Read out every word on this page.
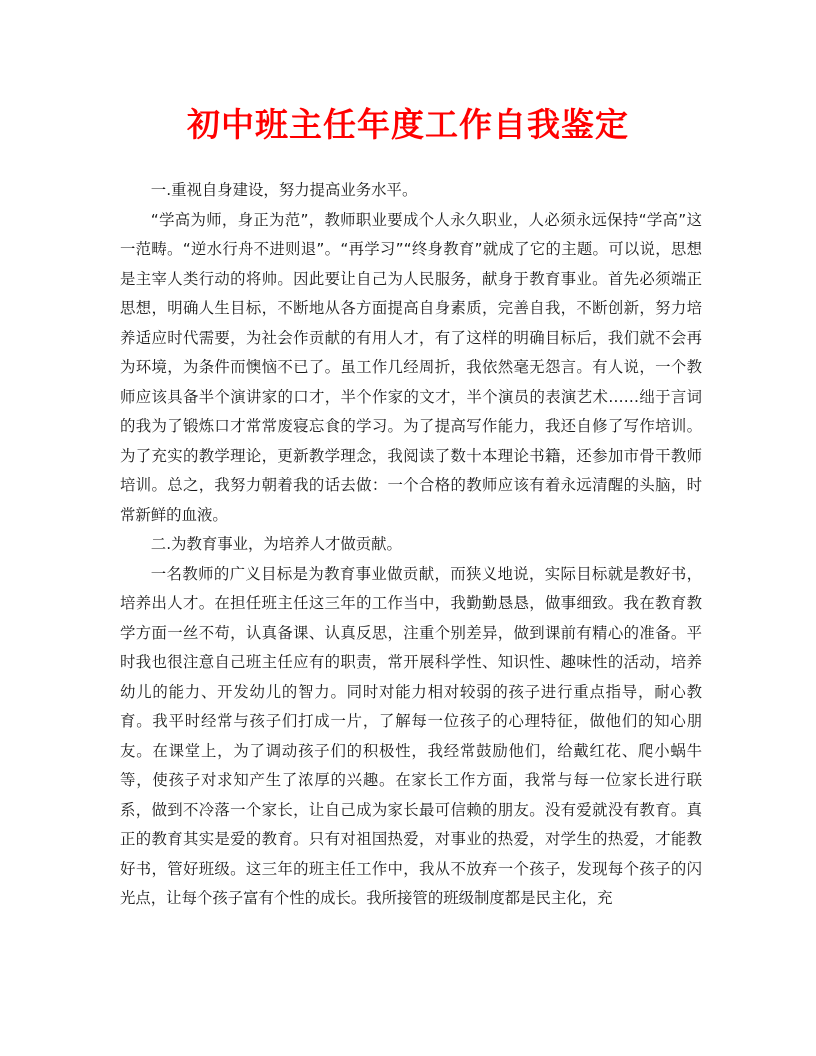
初中班主任年度工作自我鉴定

一.重视自身建设，努力提高业务水平。

“学高为师，身正为范”，教师职业要成个人永久职业，人必须永远保持“学高”这一范畴。“逆水行舟不进则退”。“再学习”“终身教育”就成了它的主题。可以说，思想是主宰人类行动的将帅。因此要让自己为人民服务，献身于教育事业。首先必须端正思想，明确人生目标，不断地从各方面提高自身素质，完善自我，不断创新，努力培养适应时代需要，为社会作贡献的有用人才，有了这样的明确目标后，我们就不会再为环境，为条件而懊恼不已了。虽工作几经周折，我依然毫无怨言。有人说，一个教师应该具备半个演讲家的口才，半个作家的文才，半个演员的表演艺术……绌于言词的我为了锻炼口才常常废寝忘食的学习。为了提高写作能力，我还自修了写作培训。为了充实的教学理论，更新教学理念，我阅读了数十本理论书籍，还参加市骨干教师培训。总之，我努力朝着我的话去做：一个合格的教师应该有着永远清醒的头脑，时常新鲜的血液。

二.为教育事业，为培养人才做贡献。

一名教师的广义目标是为教育事业做贡献，而狭义地说，实际目标就是教好书，培养出人才。在担任班主任这三年的工作当中，我勤勤恳恳，做事细致。我在教育教学方面一丝不苟，认真备课、认真反思，注重个别差异，做到课前有精心的准备。平时我也很注意自己班主任应有的职责，常开展科学性、知识性、趣味性的活动，培养幼儿的能力、开发幼儿的智力。同时对能力相对较弱的孩子进行重点指导，耐心教育。我平时经常与孩子们打成一片，了解每一位孩子的心理特征，做他们的知心朋友。在课堂上，为了调动孩子们的积极性，我经常鼓励他们，给戴红花、爬小蜗牛等，使孩子对求知产生了浓厚的兴趣。在家长工作方面，我常与每一位家长进行联系，做到不冷落一个家长，让自己成为家长最可信赖的朋友。没有爱就没有教育。真正的教育其实是爱的教育。只有对祖国热爱，对事业的热爱，对学生的热爱，才能教好书，管好班级。这三年的班主任工作中，我从不放弃一个孩子，发现每个孩子的闪光点，让每个孩子富有个性的成长。我所接管的班级制度都是民主化，充
